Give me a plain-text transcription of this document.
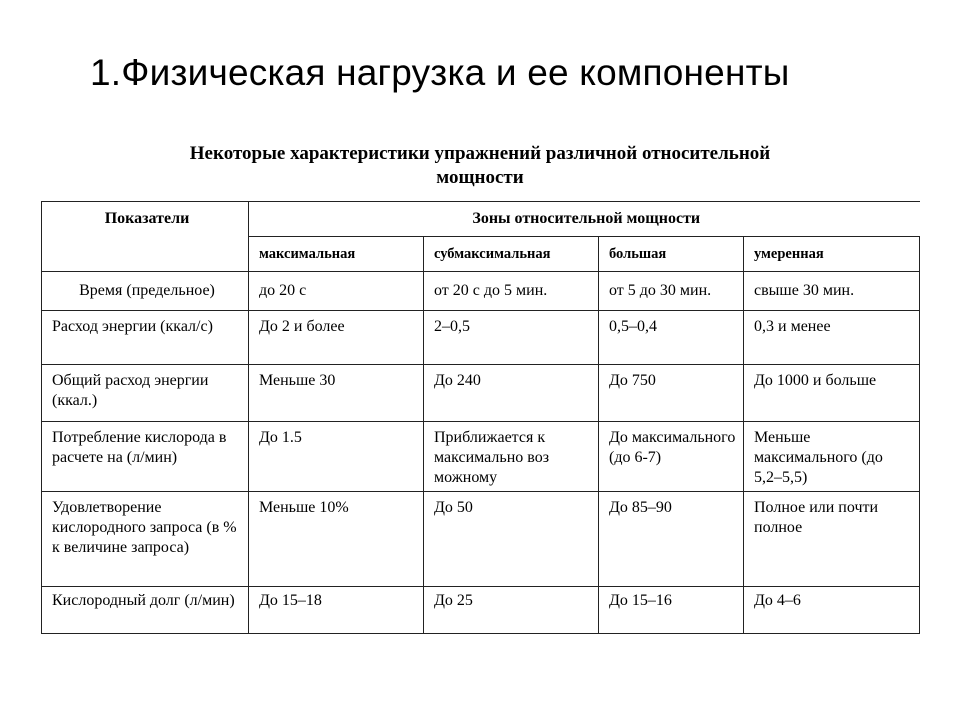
1.Физическая нагрузка и ее компоненты
Некоторые характеристики упражнений различной относительной
мощности
Показатели	Зоны относительной мощности			
	максимальная	субмаксимальная	большая	умеренная
Время (предельное)	до 20 с	от 20 с до 5 мин.	от 5 до 30 мин.	свыше 30 мин.
Расход энергии (ккал/с)	До 2 и более	2–0,5	0,5–0,4	0,3 и менее
Общий расход энергии (ккал.)	Меньше 30	До 240	До 750	До 1000 и больше
Потребление кислорода в расчете на (л/мин)	До 1.5	Приближается к максимально воз можному	До максимального (до 6-7)	Меньше максимального (до 5,2–5,5)
Удовлетворение кислородного запроса (в % к величине запроса)	Меньше 10%	До 50	До 85–90	Полное или почти полное
Кислородный долг (л/мин)	До 15–18	До 25	До 15–16	До 4–6
